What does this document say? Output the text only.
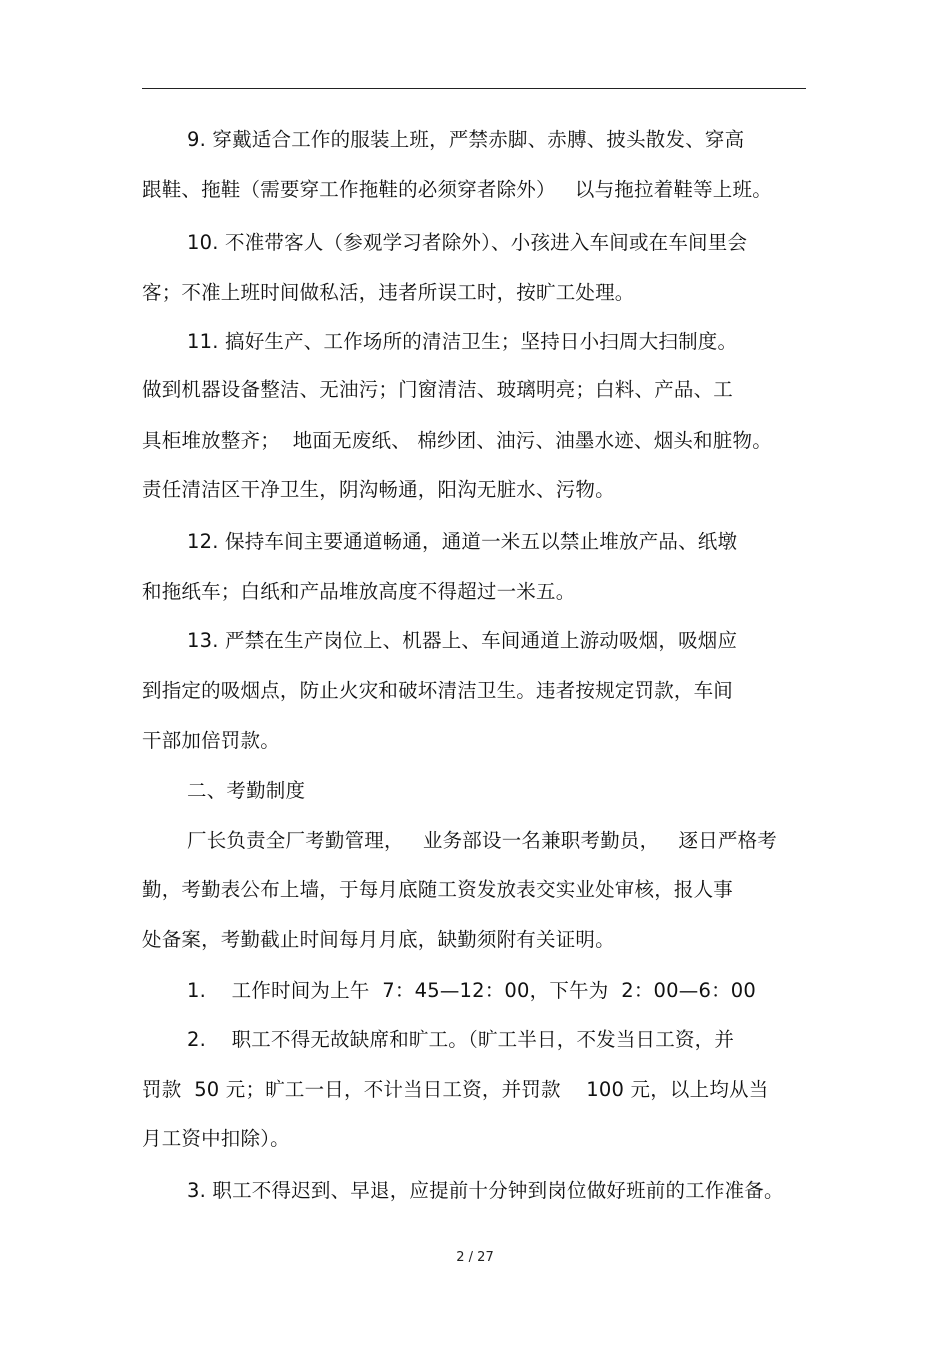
9. 穿戴适合工作的服装上班，严禁赤脚、赤膊、披头散发、穿高
跟鞋、拖鞋（需要穿工作拖鞋的必须穿者除外）   以与拖拉着鞋等上班。
10. 不准带客人（参观学习者除外）、小孩进入车间或在车间里会
客；不准上班时间做私活，违者所误工时，按旷工处理。
11. 搞好生产、工作场所的清洁卫生；坚持日小扫周大扫制度。
做到机器设备整洁、无油污；门窗清洁、玻璃明亮；白料、产品、工
具柜堆放整齐；  地面无废纸、 棉纱团、油污、油墨水迹、烟头和脏物。
责任清洁区干净卫生，阴沟畅通，阳沟无脏水、污物。
12. 保持车间主要通道畅通，通道一米五以禁止堆放产品、纸墩
和拖纸车；白纸和产品堆放高度不得超过一米五。
13. 严禁在生产岗位上、机器上、车间通道上游动吸烟，吸烟应
到指定的吸烟点，防止火灾和破坏清洁卫生。违者按规定罚款，车间
干部加倍罚款。
二、考勤制度
厂长负责全厂考勤管理，   业务部设一名兼职考勤员，   逐日严格考
勤，考勤表公布上墙，于每月底随工资发放表交实业处审核，报人事
处备案，考勤截止时间每月月底，缺勤须附有关证明。
1.    工作时间为上午  7：45—12：00，下午为  2：00—6：00
2.    职工不得无故缺席和旷工。（旷工半日，不发当日工资，并
罚款  50 元；旷工一日，不计当日工资，并罚款    100 元，以上均从当
月工资中扣除）。
3. 职工不得迟到、早退，应提前十分钟到岗位做好班前的工作准备。
2 / 27
